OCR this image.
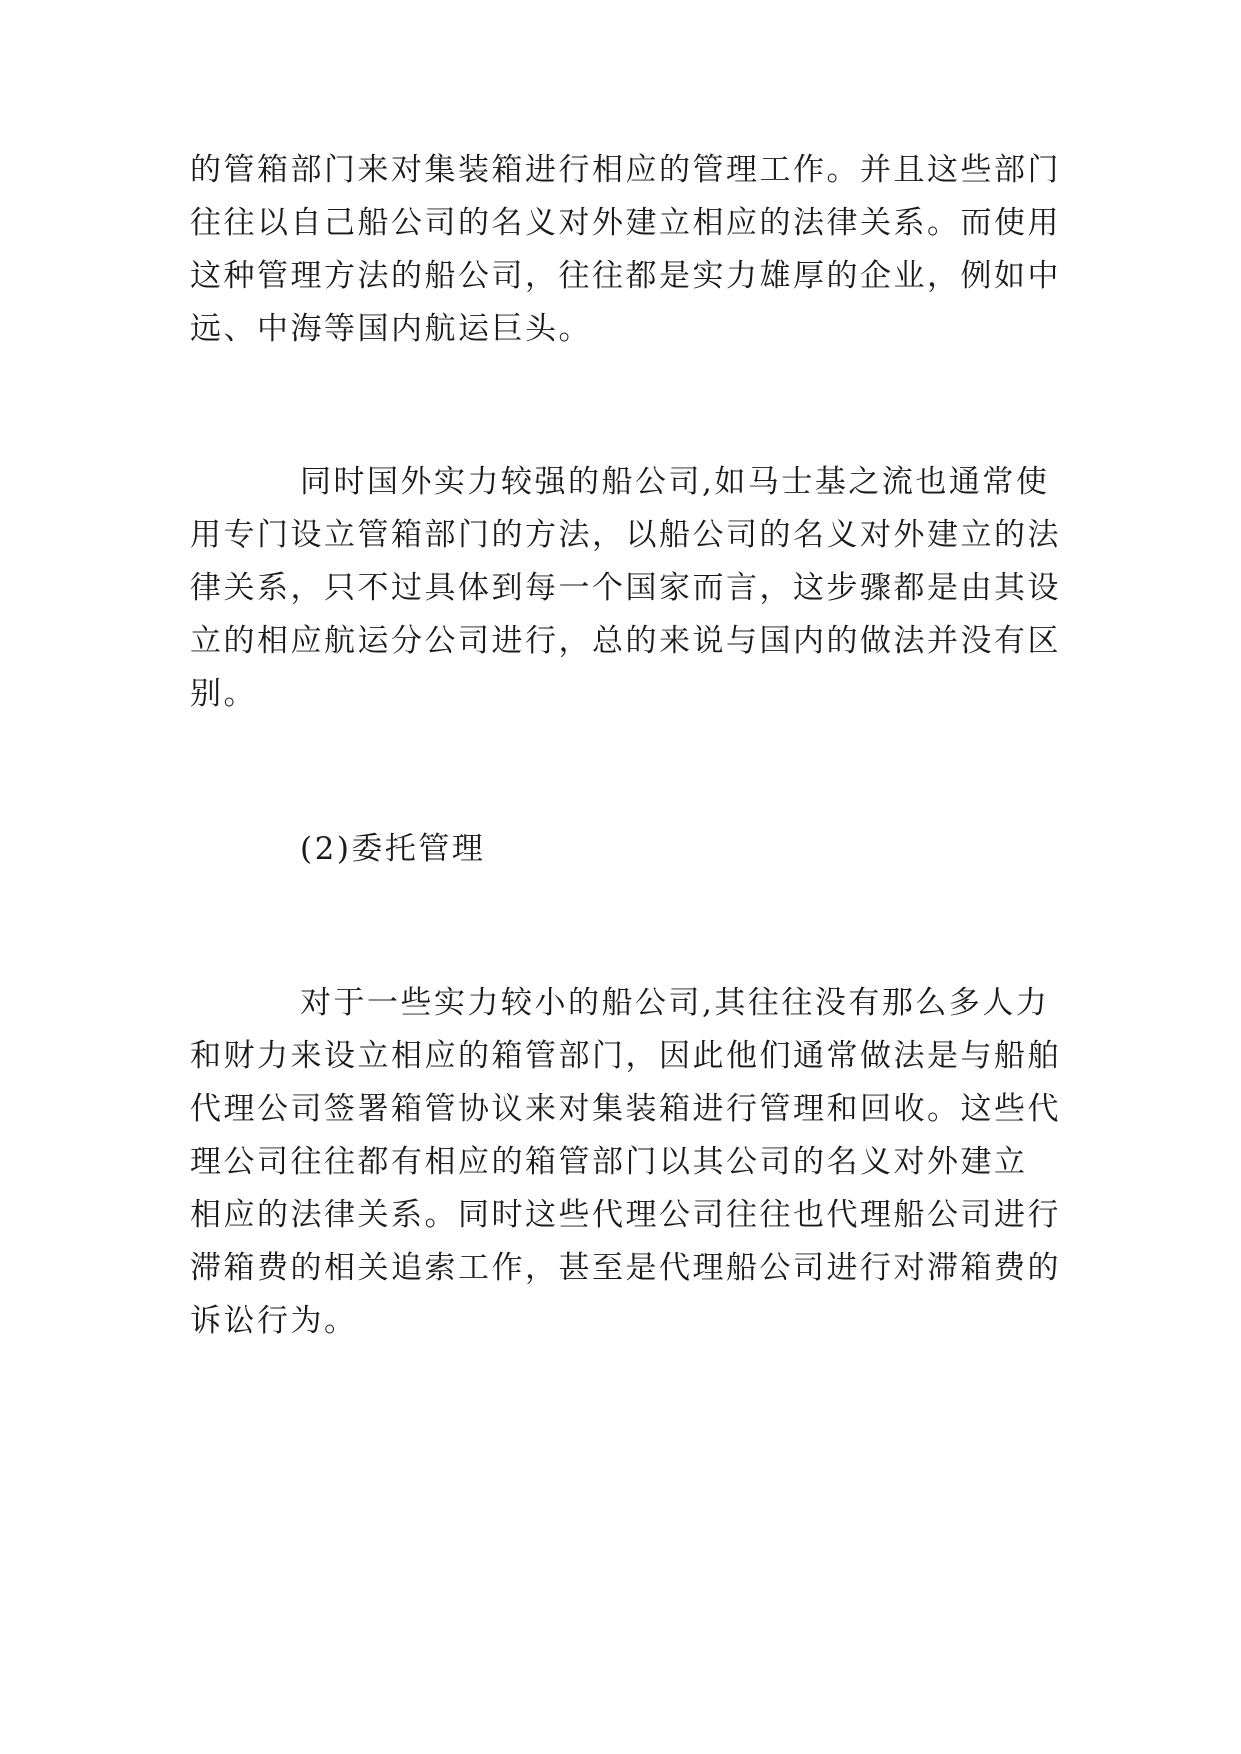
的管箱部门来对集装箱进行相应的管理工作。并且这些部门
往往以自己船公司的名义对外建立相应的法律关系。而使用
这种管理方法的船公司，往往都是实力雄厚的企业，例如中
远、中海等国内航运巨头。
同时国外实力较强的船公司,如马士基之流也通常使
用专门设立管箱部门的方法，以船公司的名义对外建立的法
律关系，只不过具体到每一个国家而言，这步骤都是由其设
立的相应航运分公司进行，总的来说与国内的做法并没有区
别。
(2)委托管理
对于一些实力较小的船公司,其往往没有那么多人力
和财力来设立相应的箱管部门，因此他们通常做法是与船舶
代理公司签署箱管协议来对集装箱进行管理和回收。这些代
理公司往往都有相应的箱管部门以其公司的名义对外建立
相应的法律关系。同时这些代理公司往往也代理船公司进行
滞箱费的相关追索工作，甚至是代理船公司进行对滞箱费的
诉讼行为。
